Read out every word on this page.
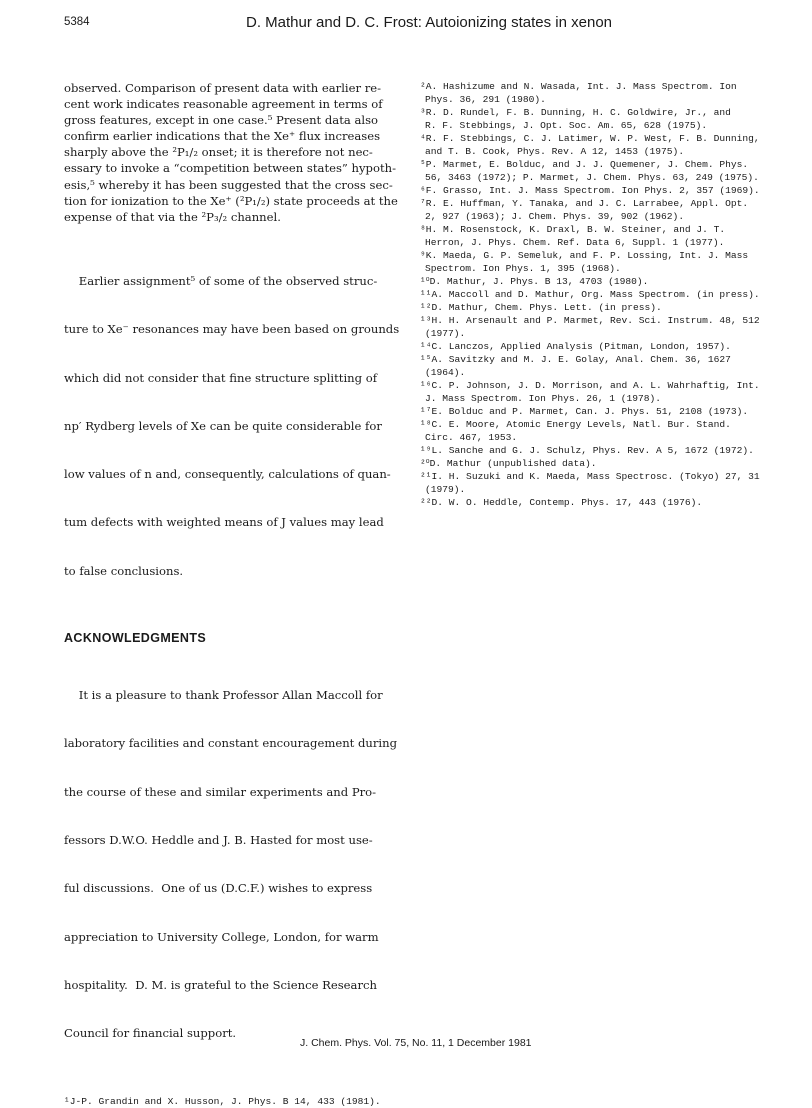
5384	D. Mathur and D. C. Frost: Autoionizing states in xenon

observed. Comparison of present data with earlier re-
cent work indicates reasonable agreement in terms of
gross features, except in one case.⁵ Present data also
confirm earlier indications that the Xe⁺ flux increases
sharply above the ²P₁/₂ onset; it is therefore not nec-
essary to invoke a “competition between states” hypoth-
esis,⁵ whereby it has been suggested that the cross sec-
tion for ionization to the Xe⁺ (²P₁/₂) state proceeds at the
expense of that via the ²P₃/₂ channel.

Earlier assignment⁵ of some of the observed struc-

ture to Xe⁻ resonances may have been based on grounds

which did not consider that fine structure splitting of

np′ Rydberg levels of Xe can be quite considerable for

low values of n and, consequently, calculations of quan-

tum defects with weighted means of J values may lead

to false conclusions.

ACKNOWLEDGMENTS

It is a pleasure to thank Professor Allan Maccoll for

laboratory facilities and constant encouragement during

the course of these and similar experiments and Pro-

fessors D.W.O. Heddle and J. B. Hasted for most use-

ful discussions.  One of us (D.C.F.) wishes to express

appreciation to University College, London, for warm

hospitality.  D. M. is grateful to the Science Research

Council for financial support.

¹J-P. Grandin and X. Husson, J. Phys. B 14, 433 (1981).

²A. Hashizume and N. Wasada, Int. J. Mass Spectrom. Ion
Phys. 36, 291 (1980).

³R. D. Rundel, F. B. Dunning, H. C. Goldwire, Jr., and
R. F. Stebbings, J. Opt. Soc. Am. 65, 628 (1975).

⁴R. F. Stebbings, C. J. Latimer, W. P. West, F. B. Dunning,
and T. B. Cook, Phys. Rev. A 12, 1453 (1975).

⁵P. Marmet, E. Bolduc, and J. J. Quemener, J. Chem. Phys.
56, 3463 (1972); P. Marmet, J. Chem. Phys. 63, 249 (1975).

⁶F. Grasso, Int. J. Mass Spectrom. Ion Phys. 2, 357 (1969).

⁷R. E. Huffman, Y. Tanaka, and J. C. Larrabee, Appl. Opt.
2, 927 (1963); J. Chem. Phys. 39, 902 (1962).

⁸H. M. Rosenstock, K. Draxl, B. W. Steiner, and J. T.
Herron, J. Phys. Chem. Ref. Data 6, Suppl. 1 (1977).

⁹K. Maeda, G. P. Semeluk, and F. P. Lossing, Int. J. Mass
Spectrom. Ion Phys. 1, 395 (1968).

¹⁰D. Mathur, J. Phys. B 13, 4703 (1980).

¹¹A. Maccoll and D. Mathur, Org. Mass Spectrom. (in press).

¹²D. Mathur, Chem. Phys. Lett. (in press).

¹³H. H. Arsenault and P. Marmet, Rev. Sci. Instrum. 48, 512
(1977).

¹⁴C. Lanczos, Applied Analysis (Pitman, London, 1957).

¹⁵A. Savitzky and M. J. E. Golay, Anal. Chem. 36, 1627
(1964).

¹⁶C. P. Johnson, J. D. Morrison, and A. L. Wahrhaftig, Int.
J. Mass Spectrom. Ion Phys. 26, 1 (1978).

¹⁷E. Bolduc and P. Marmet, Can. J. Phys. 51, 2108 (1973).

¹⁸C. E. Moore, Atomic Energy Levels, Natl. Bur. Stand.
Circ. 467, 1953.

¹⁹L. Sanche and G. J. Schulz, Phys. Rev. A 5, 1672 (1972).

²⁰D. Mathur (unpublished data).

²¹I. H. Suzuki and K. Maeda, Mass Spectrosc. (Tokyo) 27, 31
(1979).

²²D. W. O. Heddle, Contemp. Phys. 17, 443 (1976).

J. Chem. Phys. Vol. 75, No. 11, 1 December 1981
